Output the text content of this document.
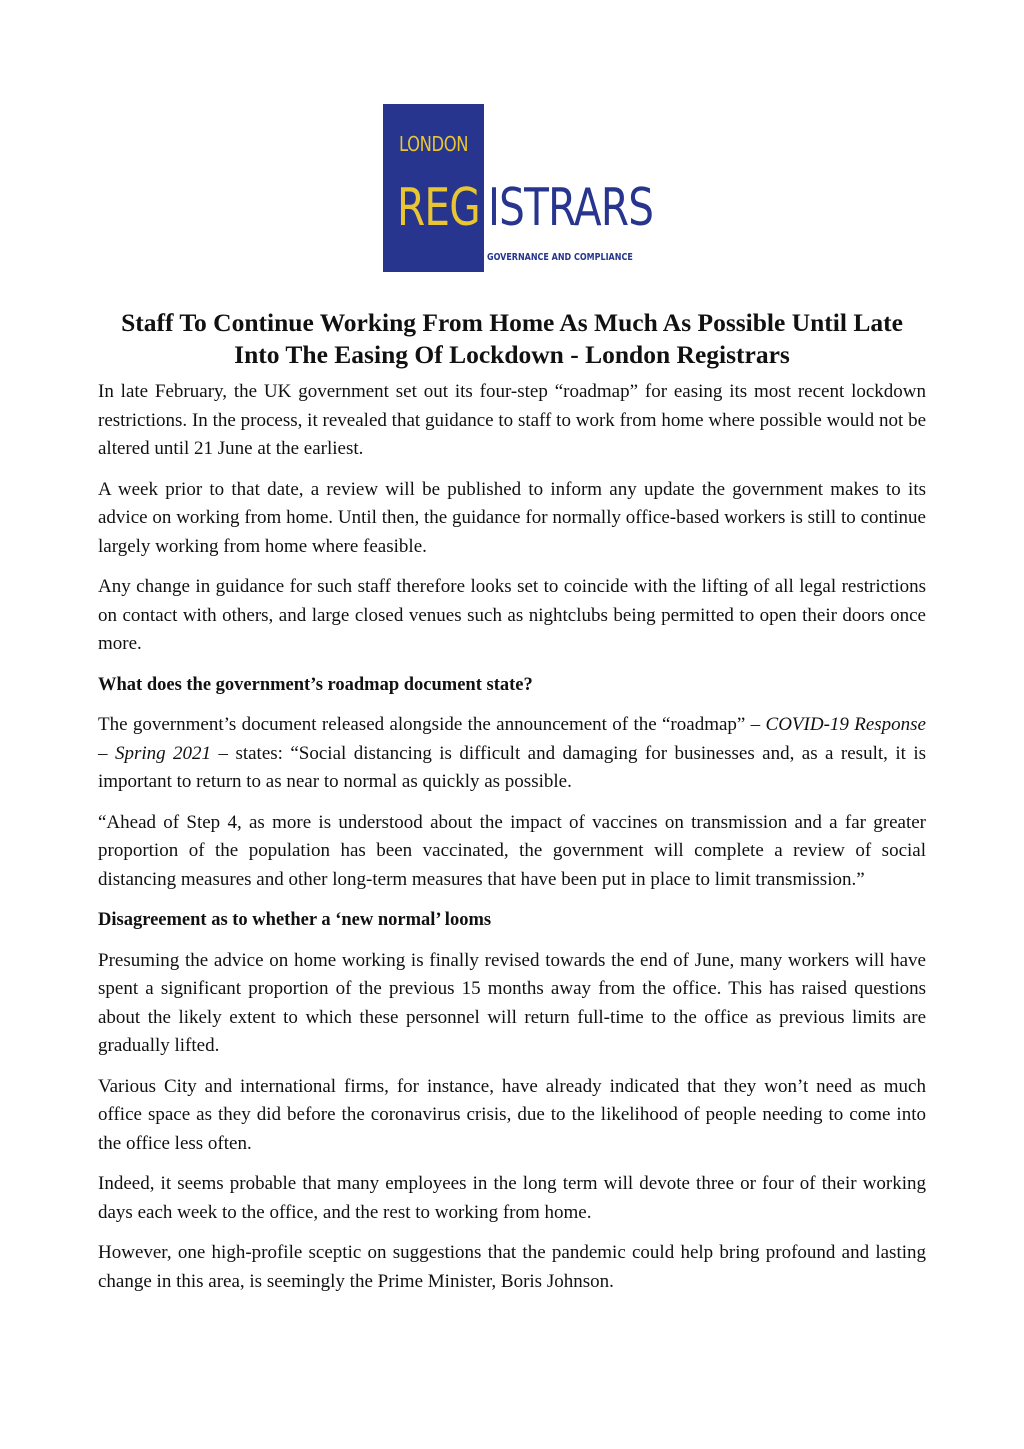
LONDON
REG ISTRARS
GOVERNANCE AND COMPLIANCE
Staff To Continue Working From Home As Much As Possible Until Late Into The Easing Of Lockdown - London Registrars

In late February, the UK government set out its four-step “roadmap” for easing its most recent lockdown restrictions. In the process, it revealed that guidance to staff to work from home where possible would not be altered until 21 June at the earliest.

A week prior to that date, a review will be published to inform any update the government makes to its advice on working from home. Until then, the guidance for normally office-based workers is still to continue largely working from home where feasible.

Any change in guidance for such staff therefore looks set to coincide with the lifting of all legal restrictions on contact with others, and large closed venues such as nightclubs being permitted to open their doors once more.

What does the government’s roadmap document state?

The government’s document released alongside the announcement of the “roadmap” – COVID-19 Response – Spring 2021 – states: “Social distancing is difficult and damaging for businesses and, as a result, it is important to return to as near to normal as quickly as possible.

“Ahead of Step 4, as more is understood about the impact of vaccines on transmission and a far greater proportion of the population has been vaccinated, the government will complete a review of social distancing measures and other long-term measures that have been put in place to limit transmission.”

Disagreement as to whether a ‘new normal’ looms

Presuming the advice on home working is finally revised towards the end of June, many workers will have spent a significant proportion of the previous 15 months away from the office. This has raised questions about the likely extent to which these personnel will return full-time to the office as previous limits are gradually lifted.

Various City and international firms, for instance, have already indicated that they won’t need as much office space as they did before the coronavirus crisis, due to the likelihood of people needing to come into the office less often.

Indeed, it seems probable that many employees in the long term will devote three or four of their working days each week to the office, and the rest to working from home.

However, one high-profile sceptic on suggestions that the pandemic could help bring profound and lasting change in this area, is seemingly the Prime Minister, Boris Johnson.
